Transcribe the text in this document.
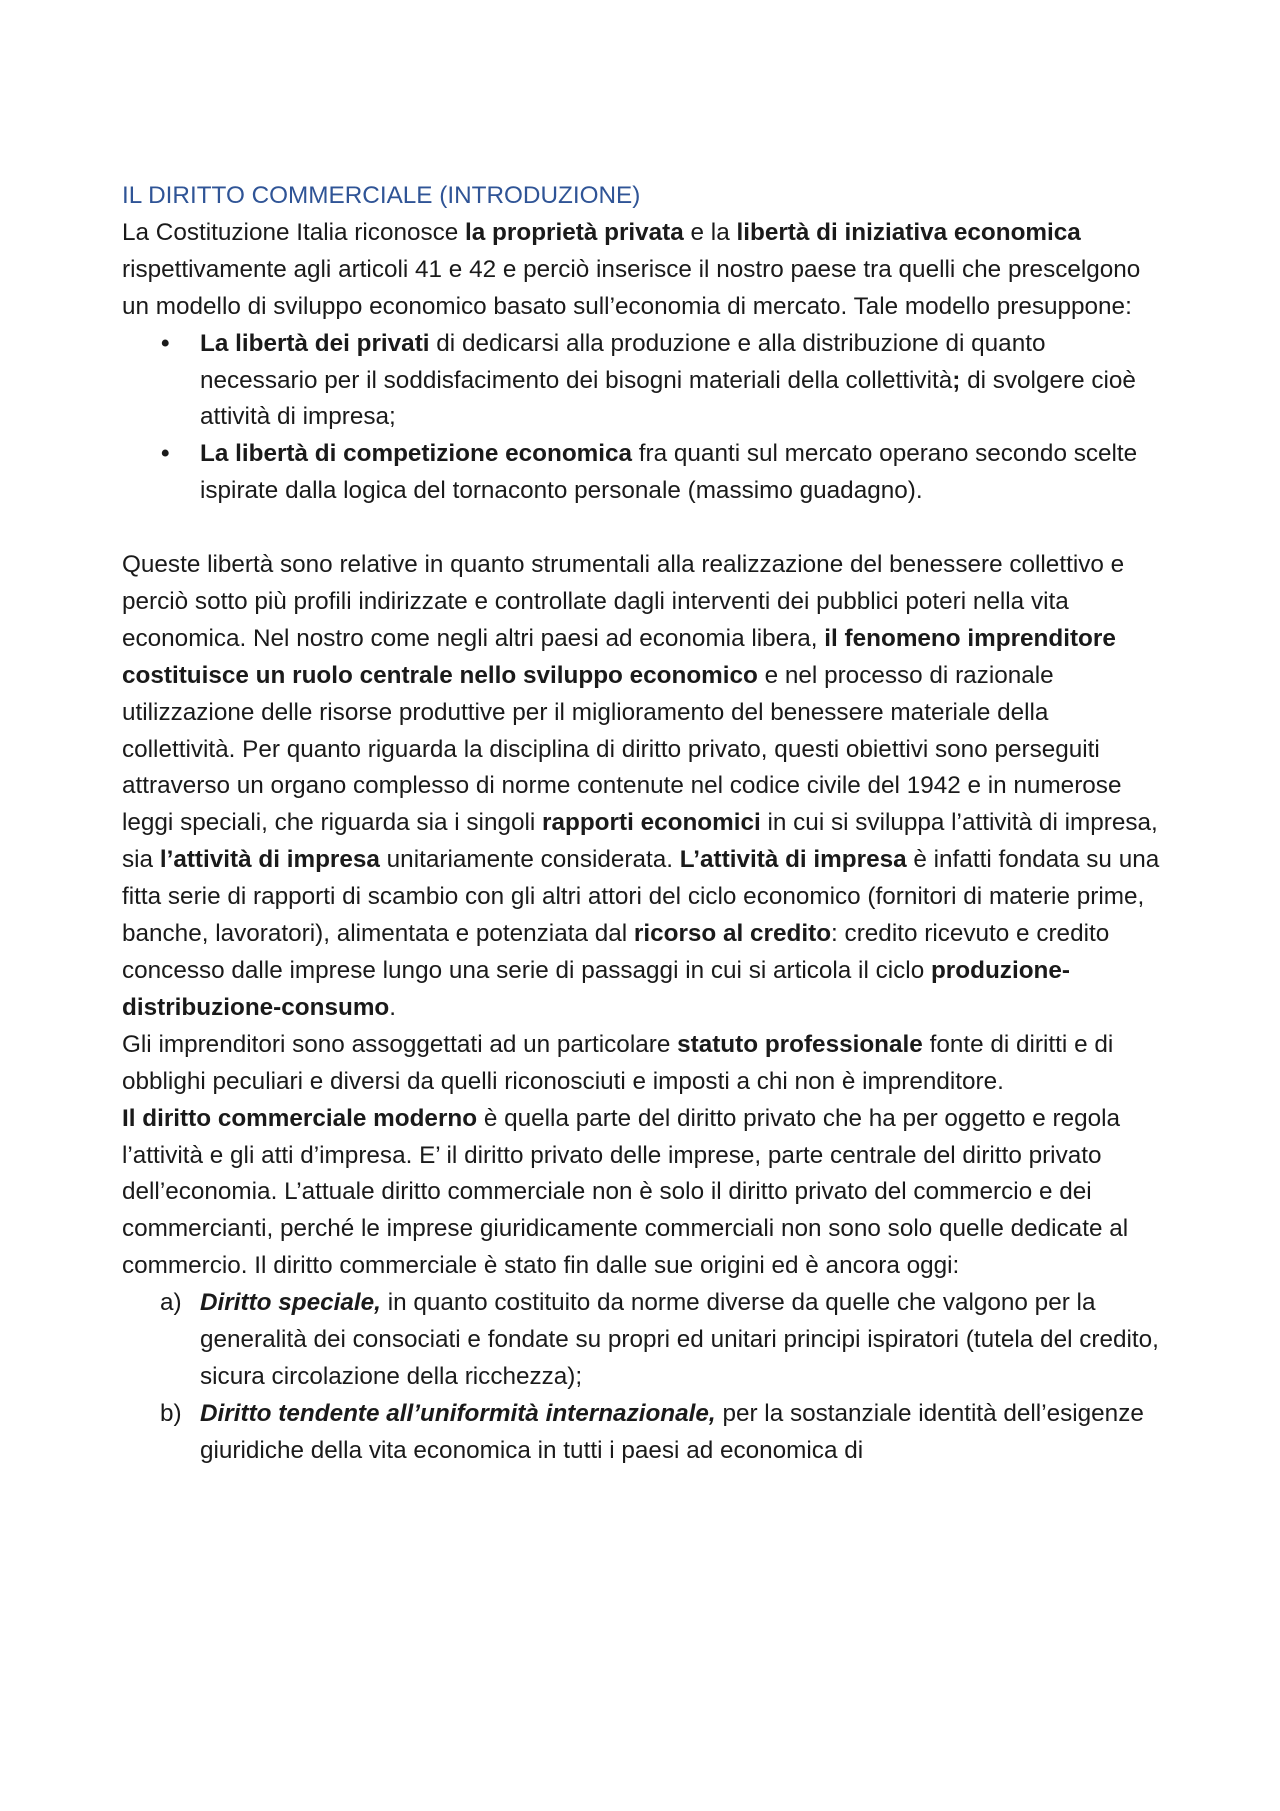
IL DIRITTO COMMERCIALE (INTRODUZIONE)

La Costituzione Italia riconosce la proprietà privata e la libertà di iniziativa economica rispettivamente agli articoli 41 e 42 e perciò inserisce il nostro paese tra quelli che prescelgono un modello di sviluppo economico basato sull’economia di mercato. Tale modello presuppone:

• La libertà dei privati di dedicarsi alla produzione e alla distribuzione di quanto necessario per il soddisfacimento dei bisogni materiali della collettività; di svolgere cioè attività di impresa;
• La libertà di competizione economica fra quanti sul mercato operano secondo scelte ispirate dalla logica del tornaconto personale (massimo guadagno).

Queste libertà sono relative in quanto strumentali alla realizzazione del benessere collettivo e perciò sotto più profili indirizzate e controllate dagli interventi dei pubblici poteri nella vita economica. Nel nostro come negli altri paesi ad economia libera, il fenomeno imprenditore costituisce un ruolo centrale nello sviluppo economico e nel processo di razionale utilizzazione delle risorse produttive per il miglioramento del benessere materiale della collettività. Per quanto riguarda la disciplina di diritto privato, questi obiettivi sono perseguiti attraverso un organo complesso di norme contenute nel codice civile del 1942 e in numerose leggi speciali, che riguarda sia i singoli rapporti economici in cui si sviluppa l’attività di impresa, sia l’attività di impresa unitariamente considerata. L’attività di impresa è infatti fondata su una fitta serie di rapporti di scambio con gli altri attori del ciclo economico (fornitori di materie prime, banche, lavoratori), alimentata e potenziata dal ricorso al credito: credito ricevuto e credito concesso dalle imprese lungo una serie di passaggi in cui si articola il ciclo produzione-distribuzione-consumo.

Gli imprenditori sono assoggettati ad un particolare statuto professionale fonte di diritti e di obblighi peculiari e diversi da quelli riconosciuti e imposti a chi non è imprenditore.

Il diritto commerciale moderno è quella parte del diritto privato che ha per oggetto e regola l’attività e gli atti d’impresa. E’ il diritto privato delle imprese, parte centrale del diritto privato dell’economia. L’attuale diritto commerciale non è solo il diritto privato del commercio e dei commercianti, perché le imprese giuridicamente commerciali non sono solo quelle dedicate al commercio. Il diritto commerciale è stato fin dalle sue origini ed è ancora oggi:

a) Diritto speciale, in quanto costituito da norme diverse da quelle che valgono per la generalità dei consociati e fondate su propri ed unitari principi ispiratori (tutela del credito, sicura circolazione della ricchezza);
b) Diritto tendente all’uniformità internazionale, per la sostanziale identità dell’esigenze giuridiche della vita economica in tutti i paesi ad economica di
